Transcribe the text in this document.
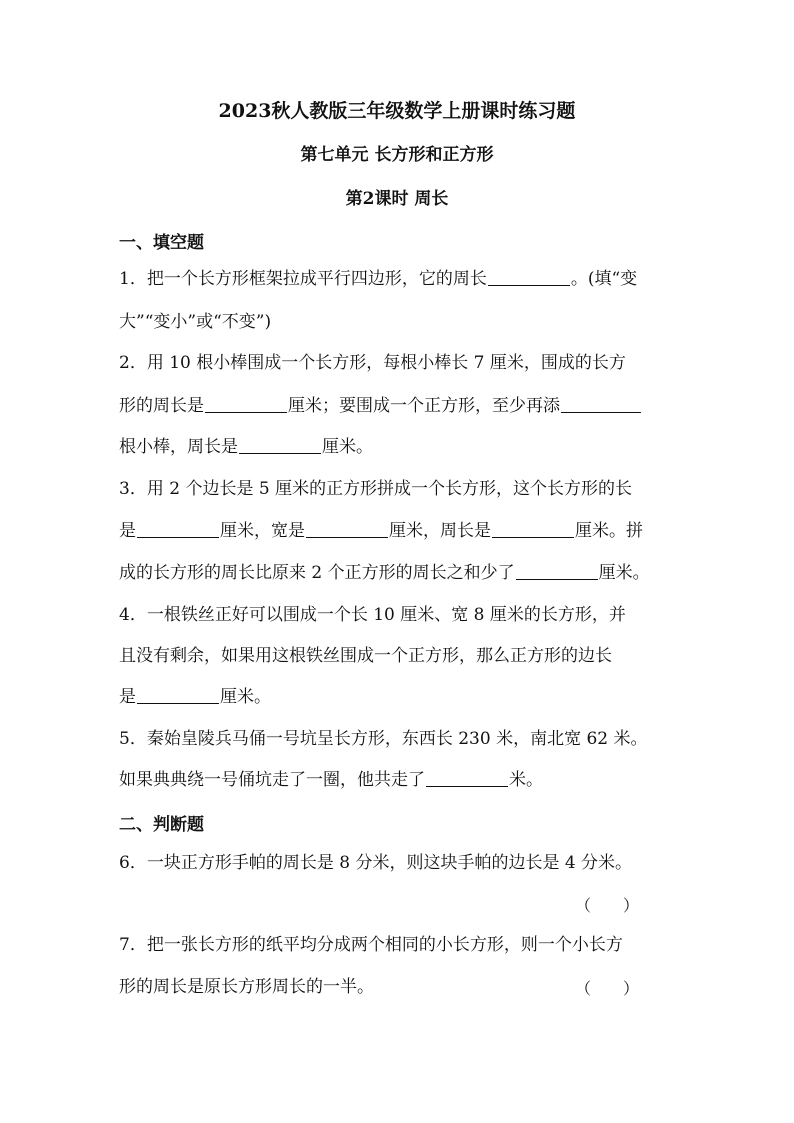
2023秋人教版三年级数学上册课时练习题
第七单元 长方形和正方形
第2课时 周长
一、填空题
1．把一个长方形框架拉成平行四边形，它的周长	。(填“变
大”“变小”或“不变”)
2．用 10 根小棒围成一个长方形，每根小棒长 7 厘米，围成的长方
形的周长是	厘米；要围成一个正方形，至少再添
根小棒，周长是	厘米。
3．用 2 个边长是 5 厘米的正方形拼成一个长方形，这个长方形的长
是	厘米，宽是	厘米，周长是	厘米。拼
成的长方形的周长比原来 2 个正方形的周长之和少了	厘米。
4．一根铁丝正好可以围成一个长 10 厘米、宽 8 厘米的长方形，并
且没有剩余，如果用这根铁丝围成一个正方形，那么正方形的边长
是	厘米。
5．秦始皇陵兵马俑一号坑呈长方形，东西长 230 米，南北宽 62 米。
如果典典绕一号俑坑走了一圈，他共走了	米。
二、判断题
6．一块正方形手帕的周长是 8 分米，则这块手帕的边长是 4 分米。
（　　）
7．把一张长方形的纸平均分成两个相同的小长方形，则一个小长方
形的周长是原长方形周长的一半。	（　　）
